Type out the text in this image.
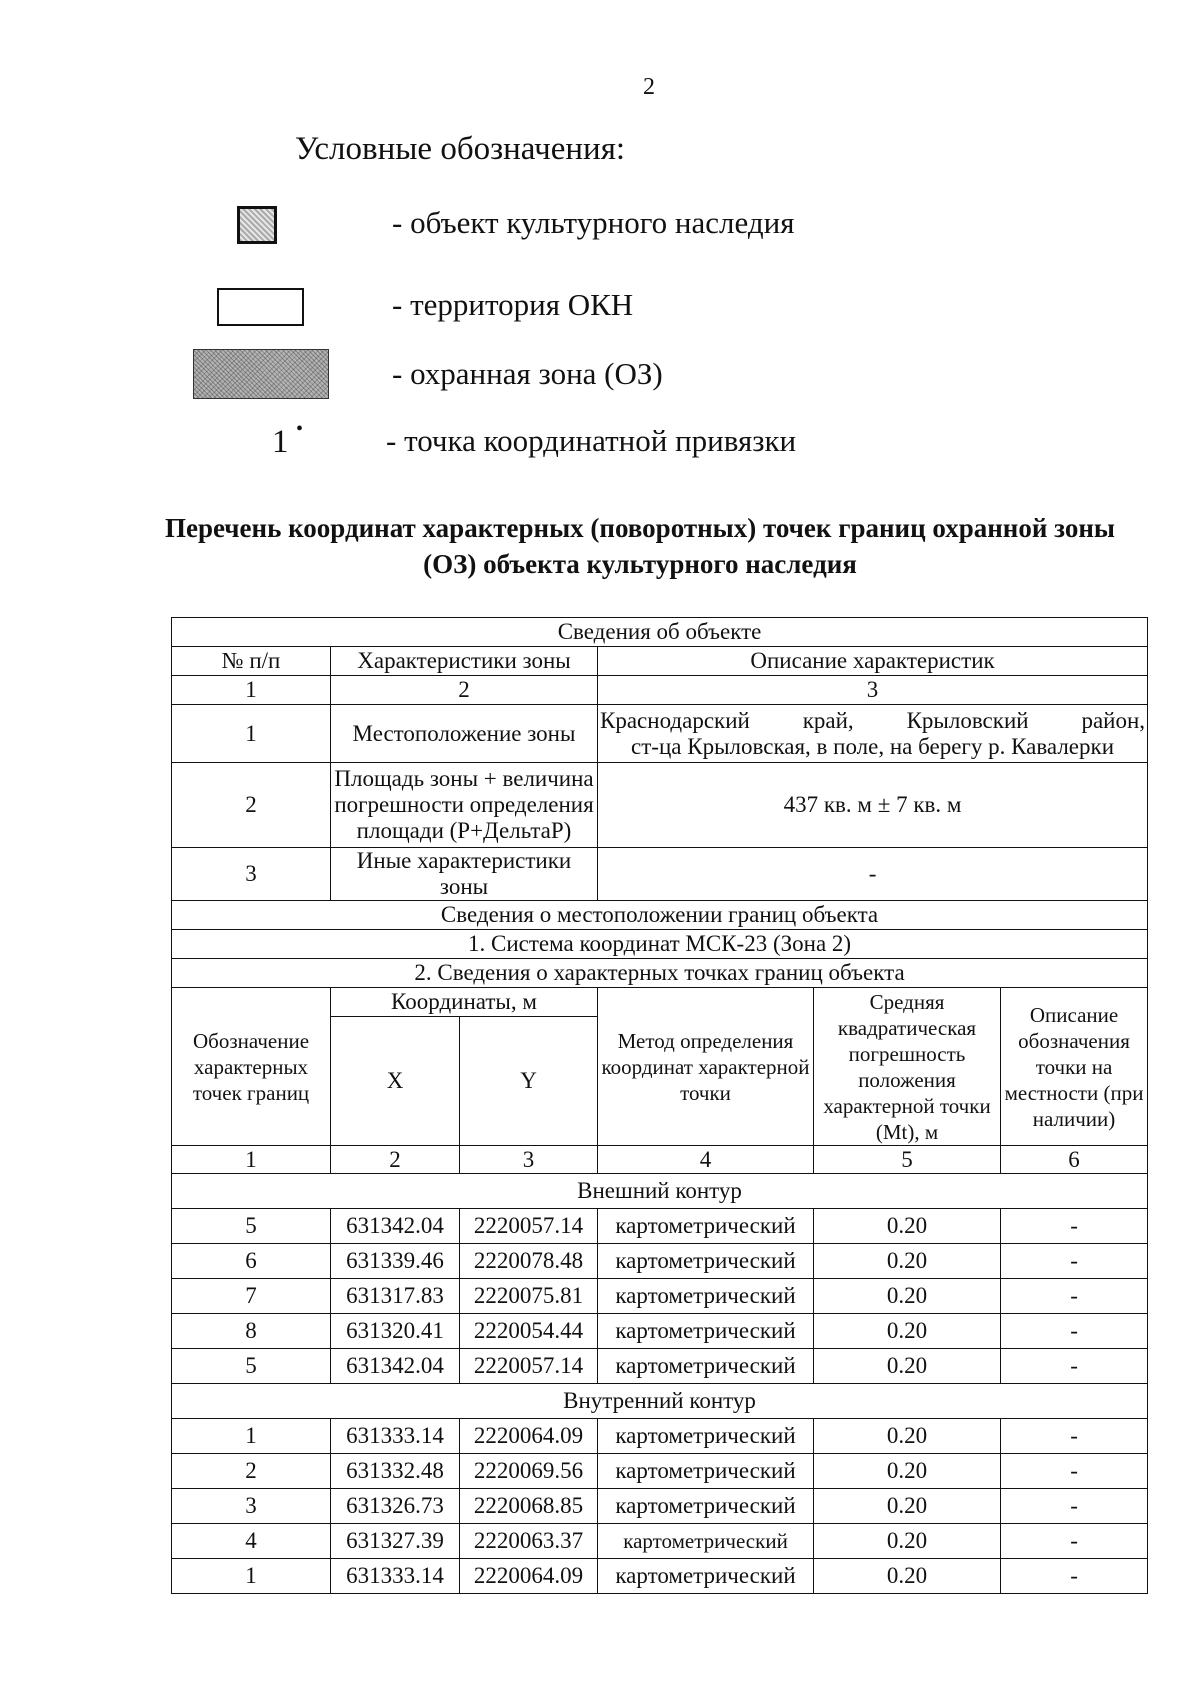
2
Условные обозначения:
- объект культурного наследия
- территория ОКН
- охранная зона (ОЗ)
1 •	- точка координатной привязки
Перечень координат характерных (поворотных) точек границ охранной зоны (ОЗ) объекта культурного наследия
Сведения об объекте					
№ п/п	Характеристики зоны		Описание характеристик		
1	2		3		
1	Местоположение зоны		Краснодарский край, Крыловский район,
ст-ца Крыловская, в поле, на берегу р. Кавалерки		

2	Площадь зоны + величина погрешности определения площади (Р+ДельтаР)		437 кв. м ± 7 кв. м		
3	Иные характеристики зоны		-		
Сведения о местоположении границ объекта					
1. Система координат МСК-23 (Зона 2)					
2. Сведения о характерных точках границ объекта					
Обозначение характерных точек границ	Координаты, м		Метод определения координат характерной точки	Средняя квадратическая погрешность положения характерной точки (Mt), м	Описание обозначения точки на местности (при наличии)
	X	Y			
1	2	3	4	5	6
Внешний контур					
5	631342.04	2220057.14	картометрический	0.20	-
6	631339.46	2220078.48	картометрический	0.20	-
7	631317.83	2220075.81	картометрический	0.20	-
8	631320.41	2220054.44	картометрический	0.20	-
5	631342.04	2220057.14	картометрический	0.20	-
Внутренний контур					
1	631333.14	2220064.09	картометрический	0.20	-
2	631332.48	2220069.56	картометрический	0.20	-
3	631326.73	2220068.85	картометрический	0.20	-
4	631327.39	2220063.37	картометрический	0.20	-
1	631333.14	2220064.09	картометрический	0.20	-
